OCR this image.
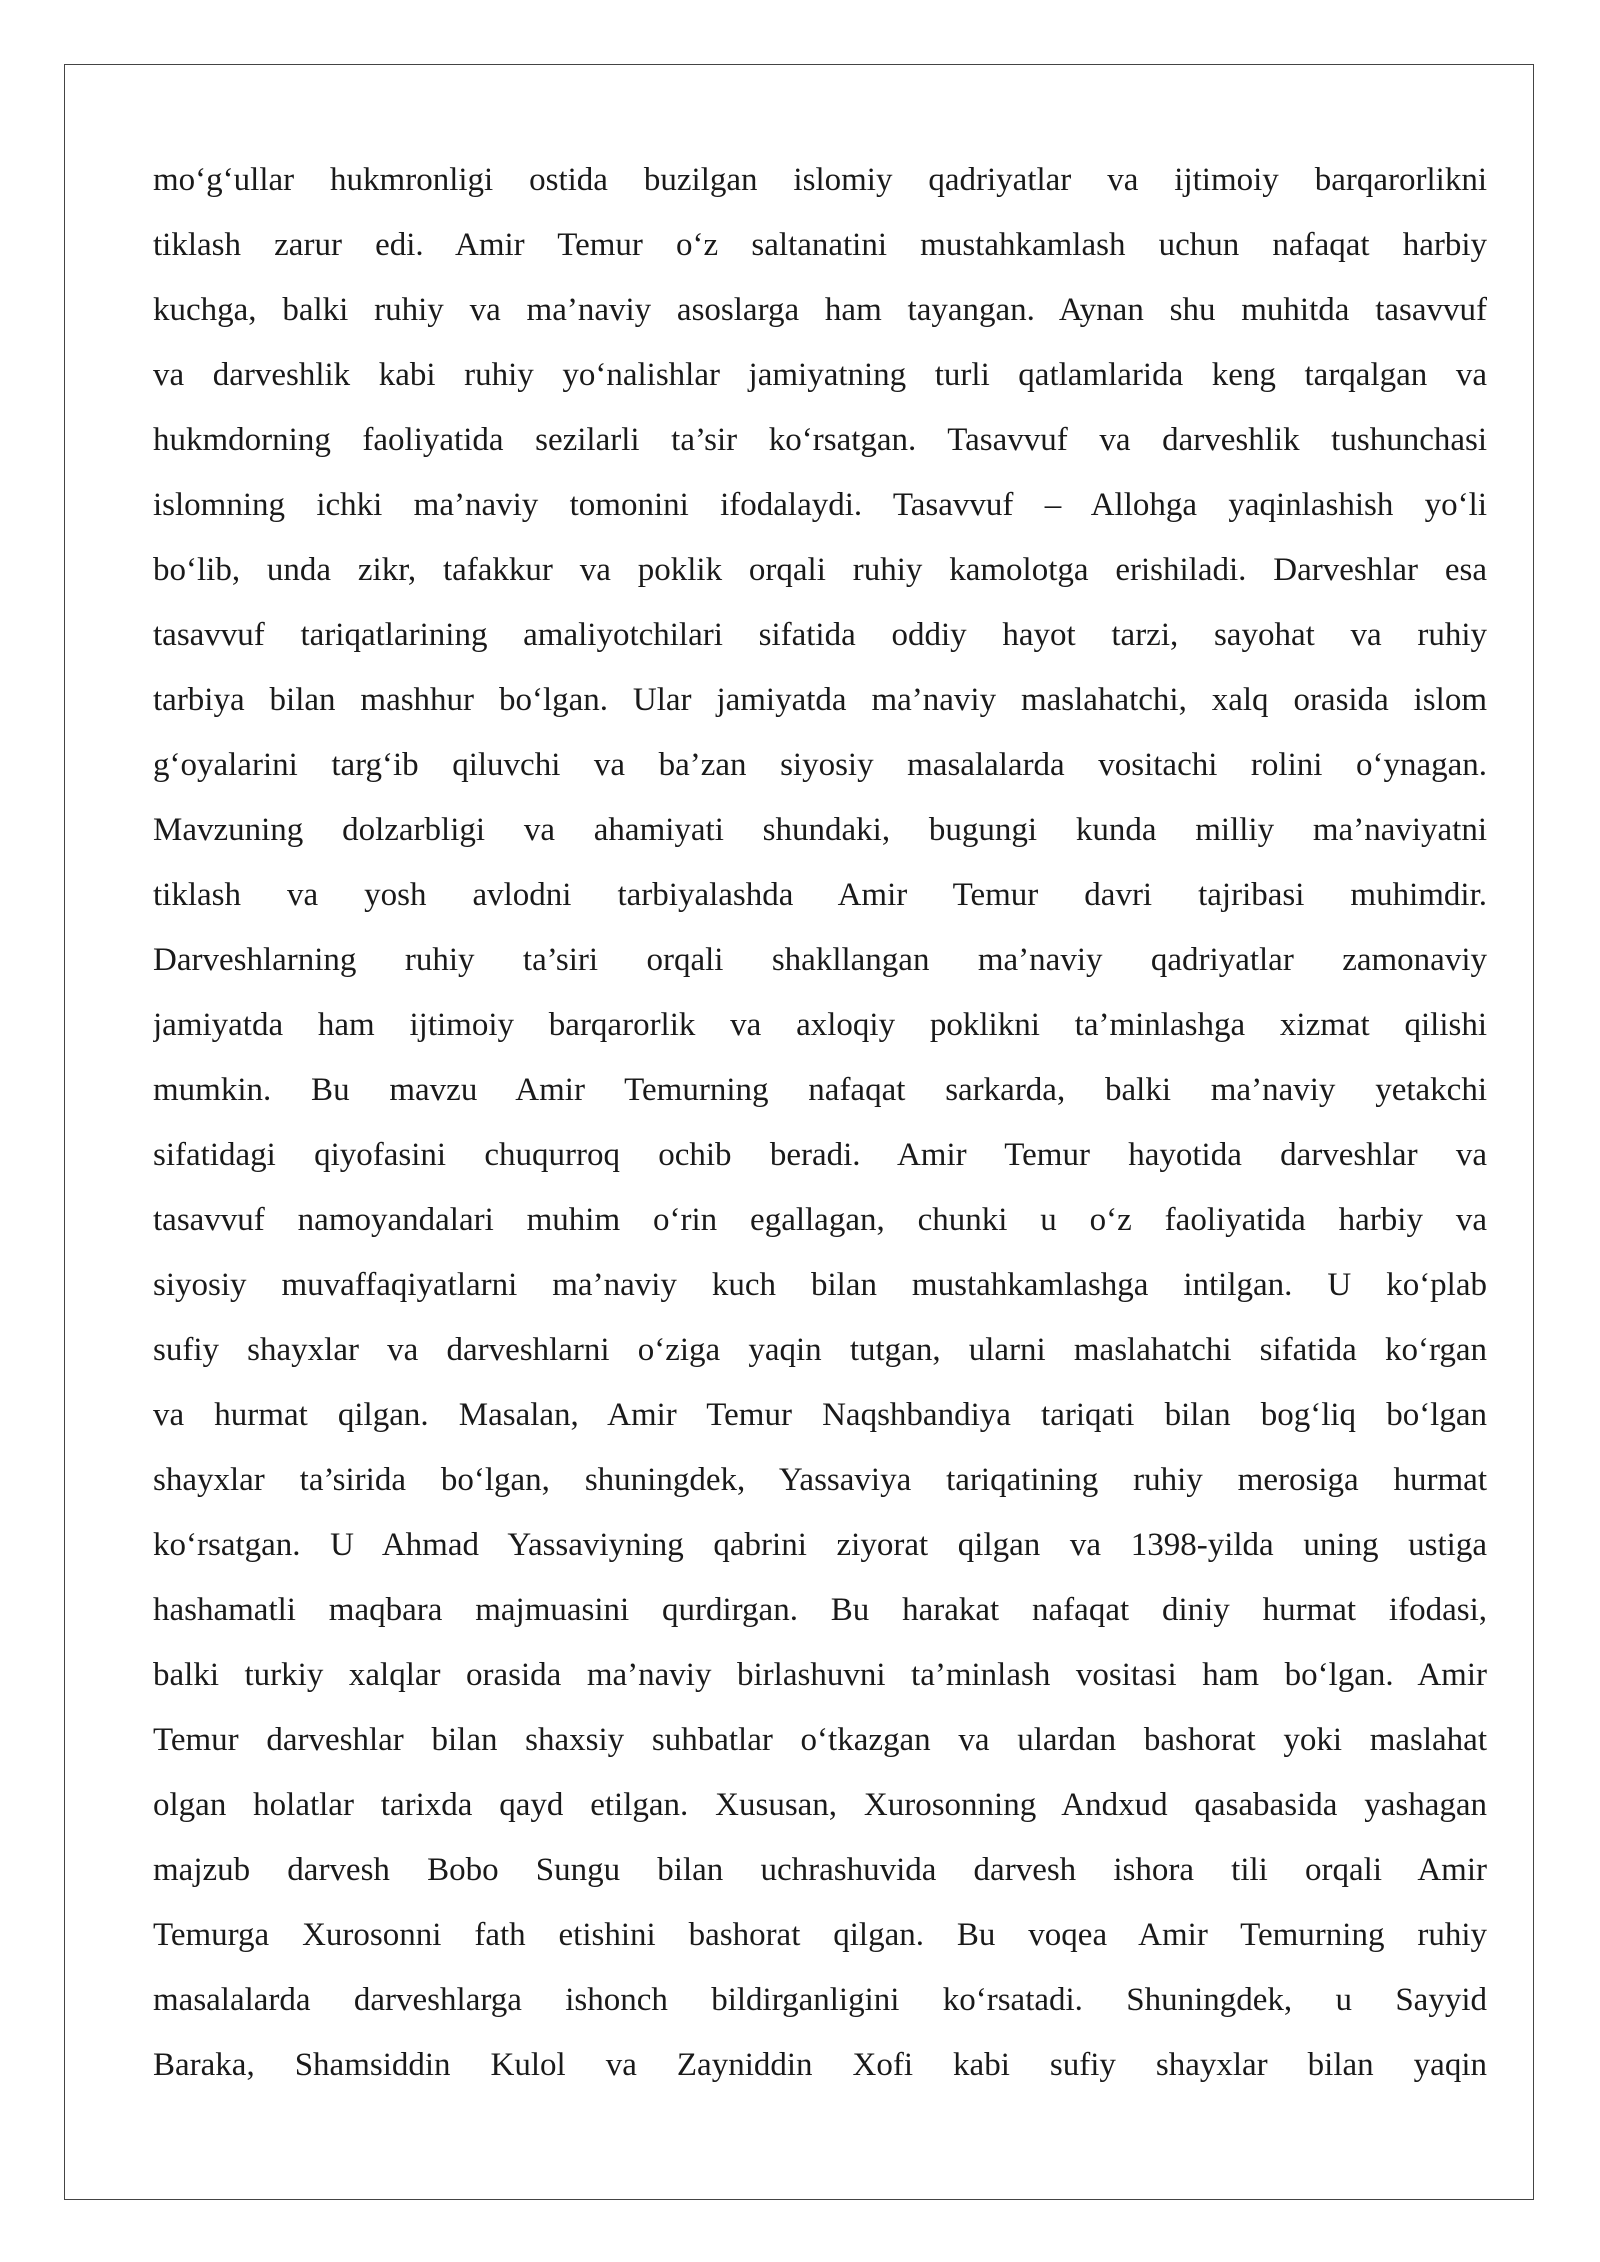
mo‘g‘ullar hukmronligi ostida buzilgan islomiy qadriyatlar va ijtimoiy barqarorlikni
tiklash zarur edi. Amir Temur o‘z saltanatini mustahkamlash uchun nafaqat harbiy
kuchga, balki ruhiy va ma’naviy asoslarga ham tayangan. Aynan shu muhitda tasavvuf
va darveshlik kabi ruhiy yo‘nalishlar jamiyatning turli qatlamlarida keng tarqalgan va
hukmdorning faoliyatida sezilarli ta’sir ko‘rsatgan. Tasavvuf va darveshlik tushunchasi
islomning ichki ma’naviy tomonini ifodalaydi. Tasavvuf – Allohga yaqinlashish yo‘li
bo‘lib, unda zikr, tafakkur va poklik orqali ruhiy kamolotga erishiladi. Darveshlar esa
tasavvuf tariqatlarining amaliyotchilari sifatida oddiy hayot tarzi, sayohat va ruhiy
tarbiya bilan mashhur bo‘lgan. Ular jamiyatda ma’naviy maslahatchi, xalq orasida islom
g‘oyalarini targ‘ib qiluvchi va ba’zan siyosiy masalalarda vositachi rolini o‘ynagan.
Mavzuning dolzarbligi va ahamiyati shundaki, bugungi kunda milliy ma’naviyatni
tiklash va yosh avlodni tarbiyalashda Amir Temur davri tajribasi muhimdir.
Darveshlarning ruhiy ta’siri orqali shakllangan ma’naviy qadriyatlar zamonaviy
jamiyatda ham ijtimoiy barqarorlik va axloqiy poklikni ta’minlashga xizmat qilishi
mumkin. Bu mavzu Amir Temurning nafaqat sarkarda, balki ma’naviy yetakchi
sifatidagi qiyofasini chuqurroq ochib beradi. Amir Temur hayotida darveshlar va
tasavvuf namoyandalari muhim o‘rin egallagan, chunki u o‘z faoliyatida harbiy va
siyosiy muvaffaqiyatlarni ma’naviy kuch bilan mustahkamlashga intilgan. U ko‘plab
sufiy shayxlar va darveshlarni o‘ziga yaqin tutgan, ularni maslahatchi sifatida ko‘rgan
va hurmat qilgan. Masalan, Amir Temur Naqshbandiya tariqati bilan bog‘liq bo‘lgan
shayxlar ta’sirida bo‘lgan, shuningdek, Yassaviya tariqatining ruhiy merosiga hurmat
ko‘rsatgan. U Ahmad Yassaviyning qabrini ziyorat qilgan va 1398-yilda uning ustiga
hashamatli maqbara majmuasini qurdirgan. Bu harakat nafaqat diniy hurmat ifodasi,
balki turkiy xalqlar orasida ma’naviy birlashuvni ta’minlash vositasi ham bo‘lgan. Amir
Temur darveshlar bilan shaxsiy suhbatlar o‘tkazgan va ulardan bashorat yoki maslahat
olgan holatlar tarixda qayd etilgan. Xususan, Xurosonning Andxud qasabasida yashagan
majzub darvesh Bobo Sungu bilan uchrashuvida darvesh ishora tili orqali Amir
Temurga Xurosonni fath etishini bashorat qilgan. Bu voqea Amir Temurning ruhiy
masalalarda darveshlarga ishonch bildirganligini ko‘rsatadi. Shuningdek, u Sayyid
Baraka, Shamsiddin Kulol va Zayniddin Xofi kabi sufiy shayxlar bilan yaqin
